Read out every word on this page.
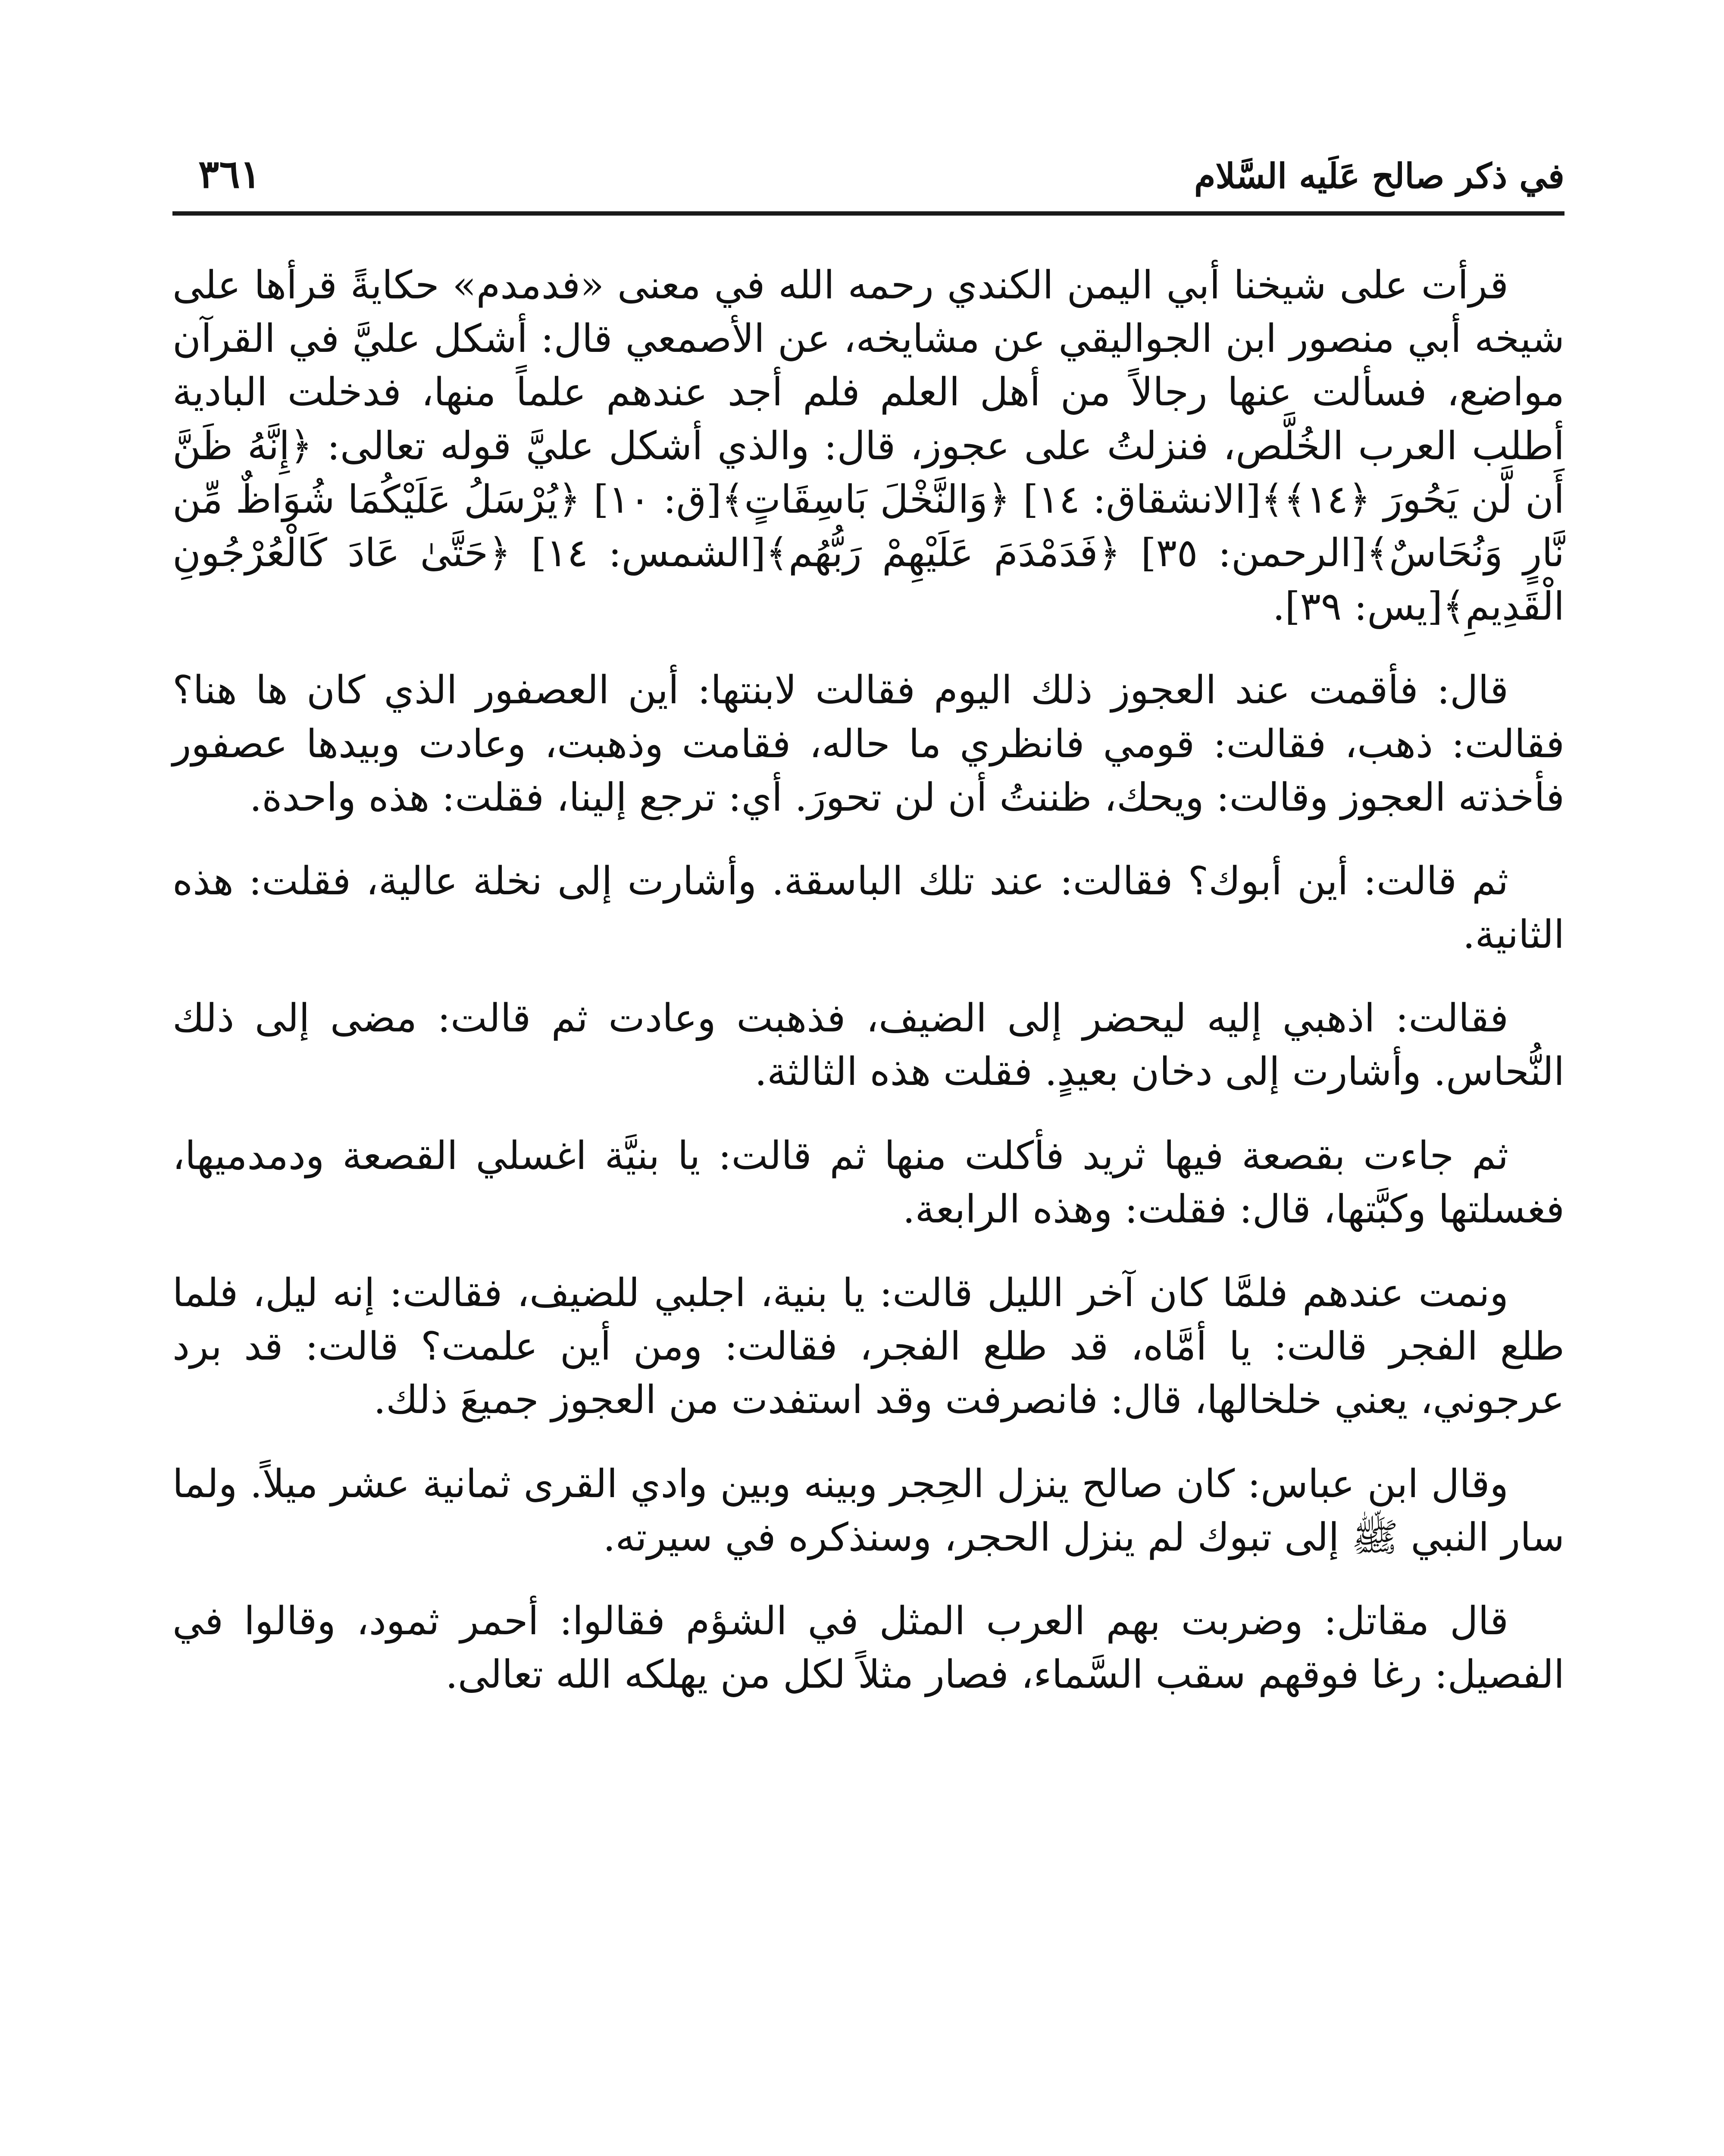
في ذكر صالح عَلَيه السَّلام
٣٦١

قرأت على شيخنا أبي اليمن الكندي رحمه الله في معنى «فدمدم» حكايةً قرأها على شيخه أبي منصور ابن الجواليقي عن مشايخه، عن الأصمعي قال: أشكل عليَّ في القرآن مواضع، فسألت عنها رجالاً من أهل العلم فلم أجد عندهم علماً منها، فدخلت البادية أطلب العرب الخُلَّص، فنزلتُ على عجوز، قال: والذي أشكل عليَّ قوله تعالى: ﴿إِنَّهُ ظَنَّ أَن لَّن يَحُورَ ﴿١٤﴾﴾[الانشقاق: ١٤] ﴿وَالنَّخْلَ بَاسِقَاتٍ﴾[ق: ١٠] ﴿يُرْسَلُ عَلَيْكُمَا شُوَاظٌ مِّن نَّارٍ وَنُحَاسٌ﴾[الرحمن: ٣٥] ﴿فَدَمْدَمَ عَلَيْهِمْ رَبُّهُم﴾[الشمس: ١٤] ﴿حَتَّىٰ عَادَ كَالْعُرْجُونِ الْقَدِيمِ﴾[يس: ٣٩].

قال: فأقمت عند العجوز ذلك اليوم فقالت لابنتها: أين العصفور الذي كان ها هنا؟ فقالت: ذهب، فقالت: قومي فانظري ما حاله، فقامت وذهبت، وعادت وبيدها عصفور فأخذته العجوز وقالت: ويحك، ظننتُ أن لن تحورَ. أي: ترجع إلينا، فقلت: هذه واحدة.

ثم قالت: أين أبوك؟ فقالت: عند تلك الباسقة. وأشارت إلى نخلة عالية، فقلت: هذه الثانية.

فقالت: اذهبي إليه ليحضر إلى الضيف، فذهبت وعادت ثم قالت: مضى إلى ذلك النُّحاس. وأشارت إلى دخان بعيدٍ. فقلت هذه الثالثة.

ثم جاءت بقصعة فيها ثريد فأكلت منها ثم قالت: يا بنيَّة اغسلي القصعة ودمدميها، فغسلتها وكبَّتها، قال: فقلت: وهذه الرابعة.

ونمت عندهم فلمَّا كان آخر الليل قالت: يا بنية، اجلبي للضيف، فقالت: إنه ليل، فلما طلع الفجر قالت: يا أمَّاه، قد طلع الفجر، فقالت: ومن أين علمت؟ قالت: قد برد عرجوني، يعني خلخالها، قال: فانصرفت وقد استفدت من العجوز جميعَ ذلك.

وقال ابن عباس: كان صالح ينزل الحِجر وبينه وبين وادي القرى ثمانية عشر ميلاً. ولما سار النبي ﷺ إلى تبوك لم ينزل الحجر، وسنذكره في سيرته.

قال مقاتل: وضربت بهم العرب المثل في الشؤم فقالوا: أحمر ثمود، وقالوا في الفصيل: رغا فوقهم سقب السَّماء، فصار مثلاً لكل من يهلكه الله تعالى.
